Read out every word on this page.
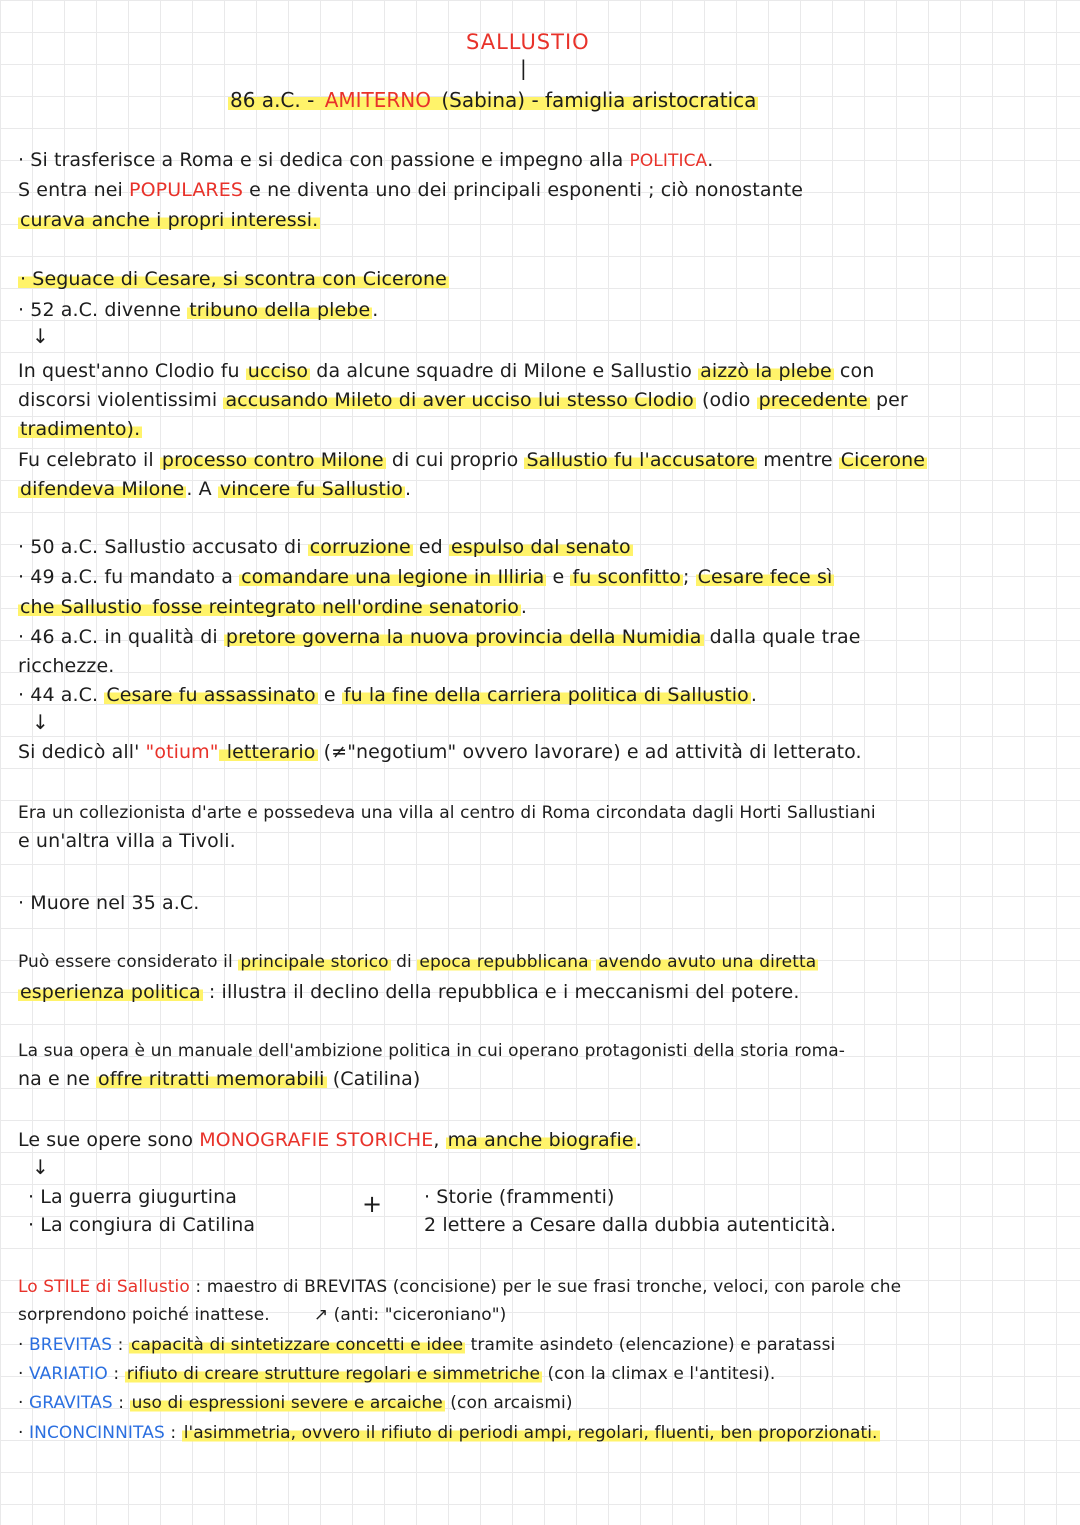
SALLUSTIO
|
86 a.C. - AMITERNO (Sabina) - famiglia aristocratica
· Si trasferisce a Roma e si dedica con passione e impegno alla POLITICA.
S entra nei POPULARES e ne diventa uno dei principali esponenti ; ciò nonostante
curava anche i propri interessi.
· Seguace di Cesare, si scontra con Cicerone
· 52 a.C. divenne tribuno della plebe .
↓
In quest'anno Clodio fu ucciso da alcune squadre di Milone e Sallustio aizzò la plebe con
discorsi violentissimi accusando Mileto di aver ucciso lui stesso Clodio (odio precedente per
tradimento).
Fu celebrato il processo contro Milone di cui proprio Sallustio fu l'accusatore mentre Cicerone
difendeva Milone . A vincere fu Sallustio .
· 50 a.C. Sallustio accusato di corruzione ed espulso dal senato
· 49 a.C. fu mandato a comandare una legione in Illiria e fu sconfitto ; Cesare fece sì
che Sallustio fosse reintegrato nell'ordine senatorio .
· 46 a.C. in qualità di pretore governa la nuova provincia della Numidia dalla quale trae
ricchezze.
· 44 a.C. Cesare fu assassinato e fu la fine della carriera politica di Sallustio .
↓
Si dedicò all' "otium" letterario (≠"negotium" ovvero lavorare) e ad attività di letterato.
Era un collezionista d'arte e possedeva una villa al centro di Roma circondata dagli Horti Sallustiani
e un'altra villa a Tivoli.
· Muore nel 35 a.C.
Può essere considerato il principale storico di epoca repubblicana avendo avuto una diretta
esperienza politica : illustra il declino della repubblica e i meccanismi del potere.
La sua opera è un manuale dell'ambizione politica in cui operano protagonisti della storia roma-
na e ne offre ritratti memorabili (Catilina)
Le sue opere sono MONOGRAFIE STORICHE, ma anche biografie .
↓
· La guerra giugurtina
· La congiura di Catilina
+ · Storie (frammenti)
2 lettere a Cesare dalla dubbia autenticità.
Lo STILE di Sallustio : maestro di BREVITAS (concisione) per le sue frasi tronche, veloci, con parole che
sorprendono poiché inattese.	↗ (anti: "ciceroniano")
· BREVITAS : capacità di sintetizzare concetti e idee tramite asindeto (elencazione) e paratassi
· VARIATIO : rifiuto di creare strutture regolari e simmetriche (con la climax e l'antitesi).
· GRAVITAS : uso di espressioni severe e arcaiche (con arcaismi)
· INCONCINNITAS : l'asimmetria, ovvero il rifiuto di periodi ampi, regolari, fluenti, ben proporzionati.
